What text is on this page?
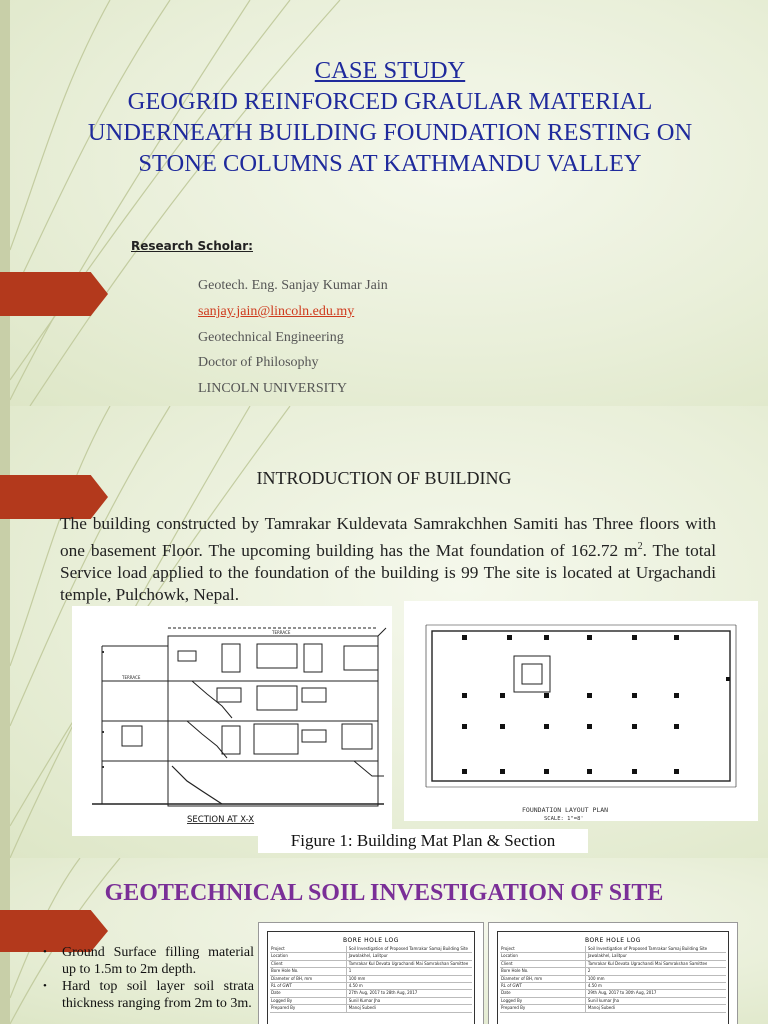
CASE STUDY
GEOGRID REINFORCED GRAULAR MATERIAL
UNDERNEATH BUILDING FOUNDATION RESTING ON
STONE COLUMNS AT KATHMANDU VALLEY
Research Scholar:
Geotech. Eng. Sanjay Kumar Jain
sanjay.jain@lincoln.edu.my
Geotechnical Engineering
Doctor of Philosophy
LINCOLN UNIVERSITY
INTRODUCTION OF BUILDING

The building constructed by Tamrakar Kuldevata Samrakchhen Samiti has Three floors with one basement Floor. The upcoming building has the Mat foundation of 162.72 $m^2$. The total Service load applied to the foundation of the building is 99 The site is located at Urgachandi temple, Pulchowk, Nepal.

TERRACE
TERRACE
SECTION AT X-X
FOUNDATION LAYOUT PLAN
SCALE: 1"=8'
Figure 1: Building Mat Plan & Section
GEOTECHNICAL SOIL INVESTIGATION OF SITE
• Ground Surface filling material up to 1.5m to 2m depth.
• Hard top soil layer soil strata thickness ranging from 2m to 3m.
BORE HOLE LOG
Project	Soil Investigation of Proposed Tamrakar Samaj Building Site
Location	Jawalakhel, Lalitpur
Client	Tamrakar Kul Devata Ugrachandi Mai Samrakshan Samittee
Bore Hole No.	1
Diameter of BH, mm	100 mm
RL of GWT	4.50 m
Date	27th Aug, 2017 to 28th Aug, 2017
Logged By	Sunil Kumar Jha
Prepared By	Manoj Subedi
BORE HOLE LOG
Project	Soil Investigation of Proposed Tamrakar Samaj Building Site
Location	Jawalakhel, Lalitpur
Client	Tamrakar Kul Devata Ugrachandi Mai Samrakshan Samittee
Bore Hole No.	2
Diameter of BH, mm	100 mm
RL of GWT	4.50 m
Date	29th Aug, 2017 to 30th Aug, 2017
Logged By	Sunil kumar Jha
Prepared By	Manoj Subedi
